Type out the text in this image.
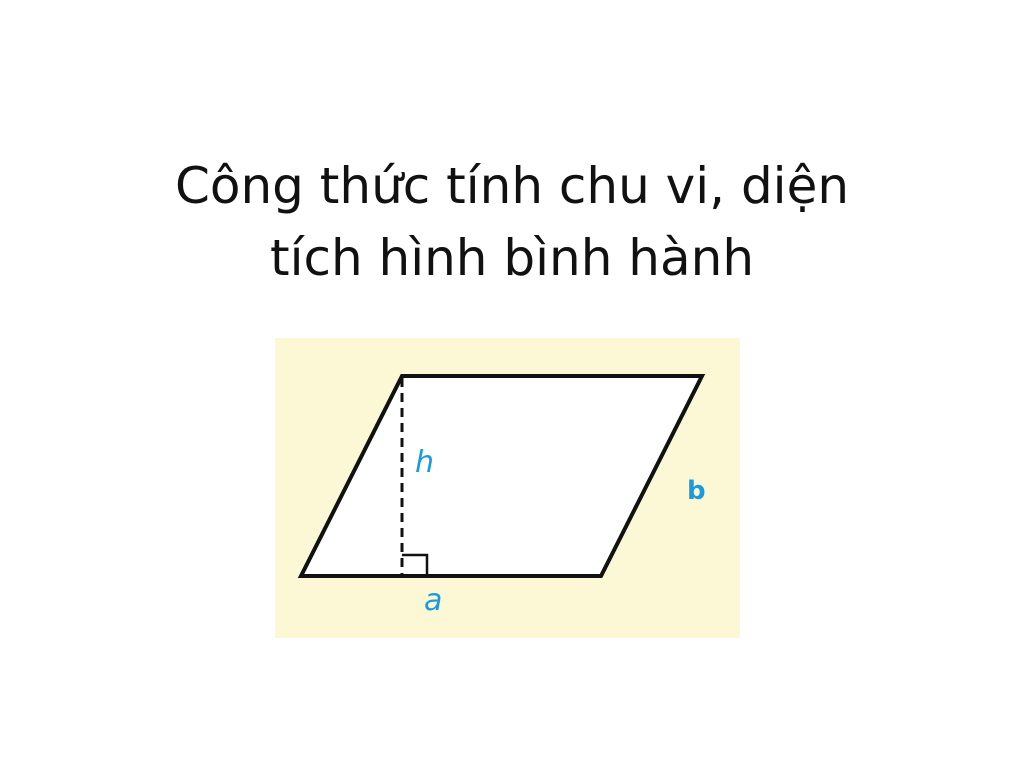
Công thức tính chu vi, diện
tích hình bình hành
h
b
a
